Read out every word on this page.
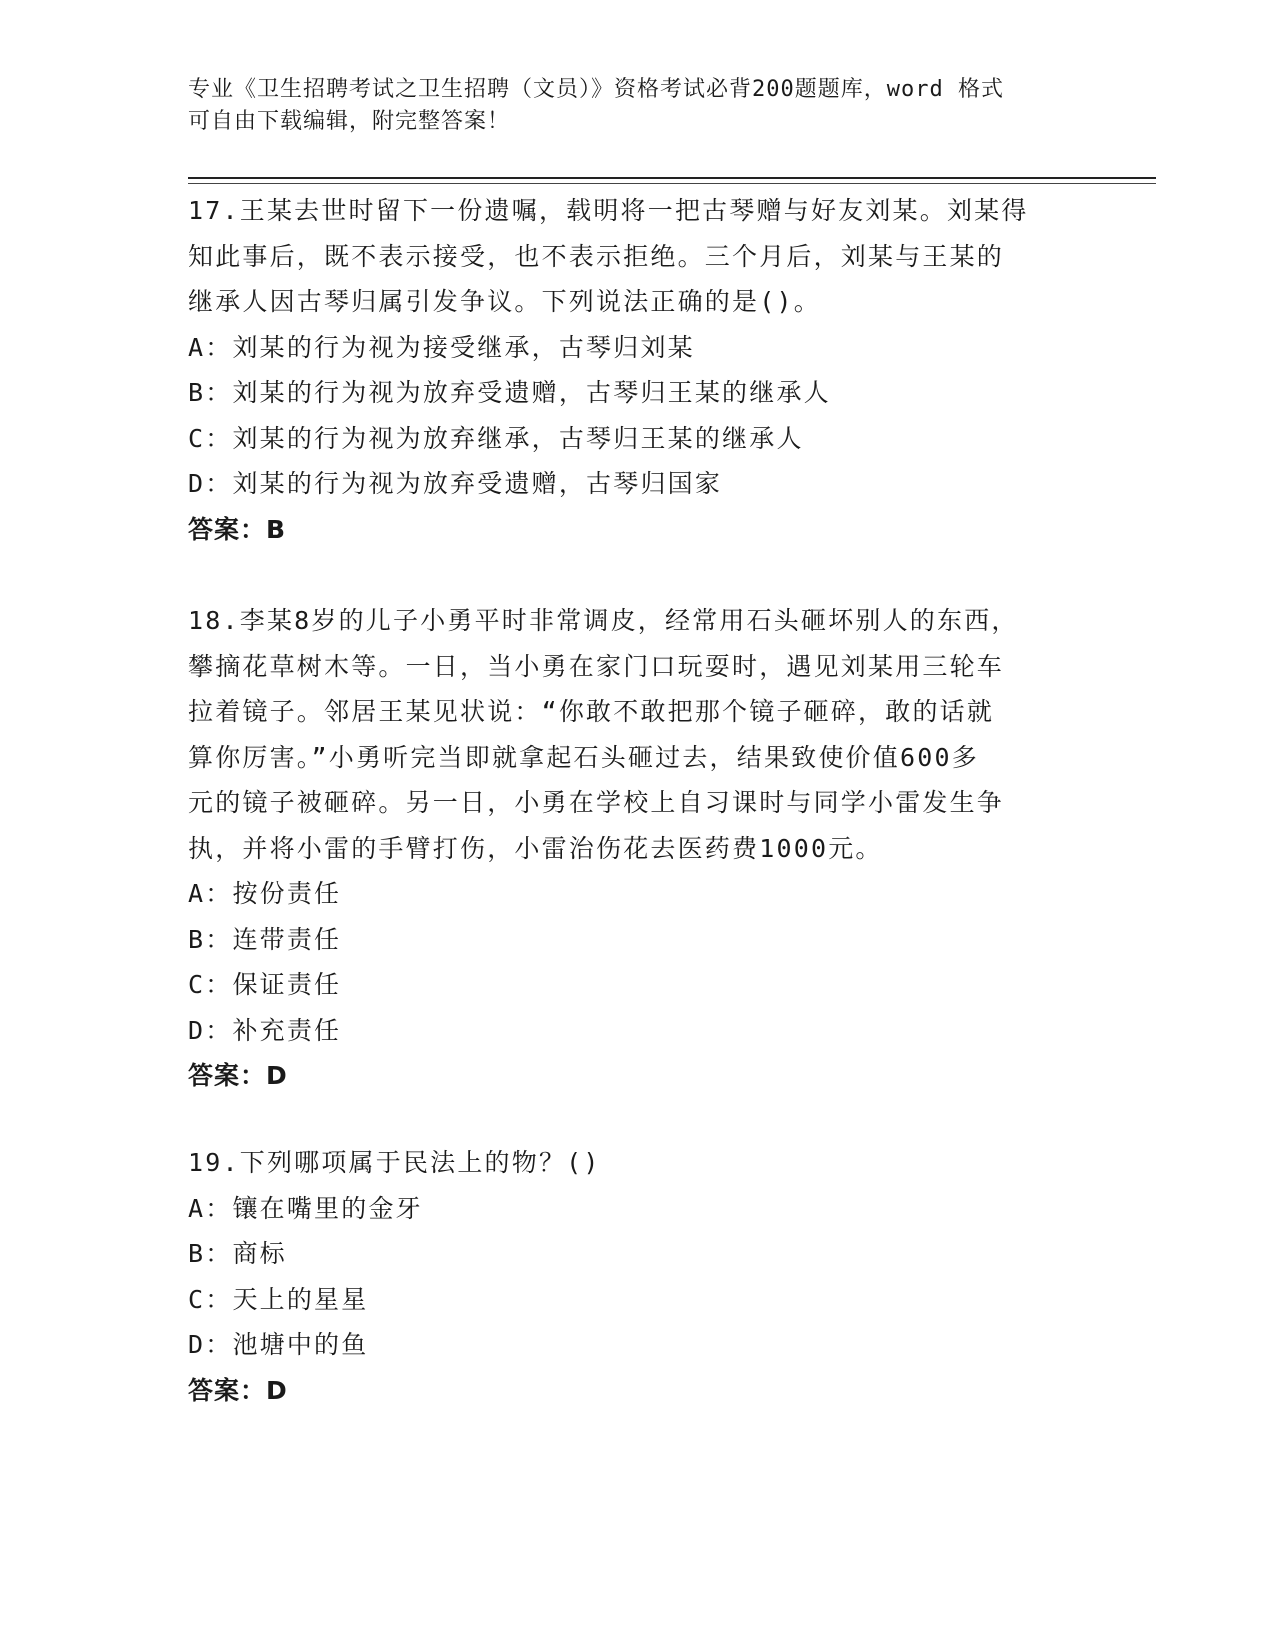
专业《卫生招聘考试之卫生招聘（文员）》资格考试必背200题题库，word 格式
可自由下载编辑，附完整答案！
17.王某去世时留下一份遗嘱，载明将一把古琴赠与好友刘某。刘某得
知此事后，既不表示接受，也不表示拒绝。三个月后，刘某与王某的
继承人因古琴归属引发争议。下列说法正确的是()。
A：刘某的行为视为接受继承，古琴归刘某
B：刘某的行为视为放弃受遗赠，古琴归王某的继承人
C：刘某的行为视为放弃继承，古琴归王某的继承人
D：刘某的行为视为放弃受遗赠，古琴归国家
答案：B
18.李某8岁的儿子小勇平时非常调皮，经常用石头砸坏别人的东西，
攀摘花草树木等。一日，当小勇在家门口玩耍时，遇见刘某用三轮车
拉着镜子。邻居王某见状说：“你敢不敢把那个镜子砸碎，敢的话就
算你厉害。”小勇听完当即就拿起石头砸过去，结果致使价值600多
元的镜子被砸碎。另一日，小勇在学校上自习课时与同学小雷发生争
执，并将小雷的手臂打伤，小雷治伤花去医药费1000元。
A：按份责任
B：连带责任
C：保证责任
D：补充责任
答案：D
19.下列哪项属于民法上的物？()
A：镶在嘴里的金牙
B：商标
C：天上的星星
D：池塘中的鱼
答案：D
